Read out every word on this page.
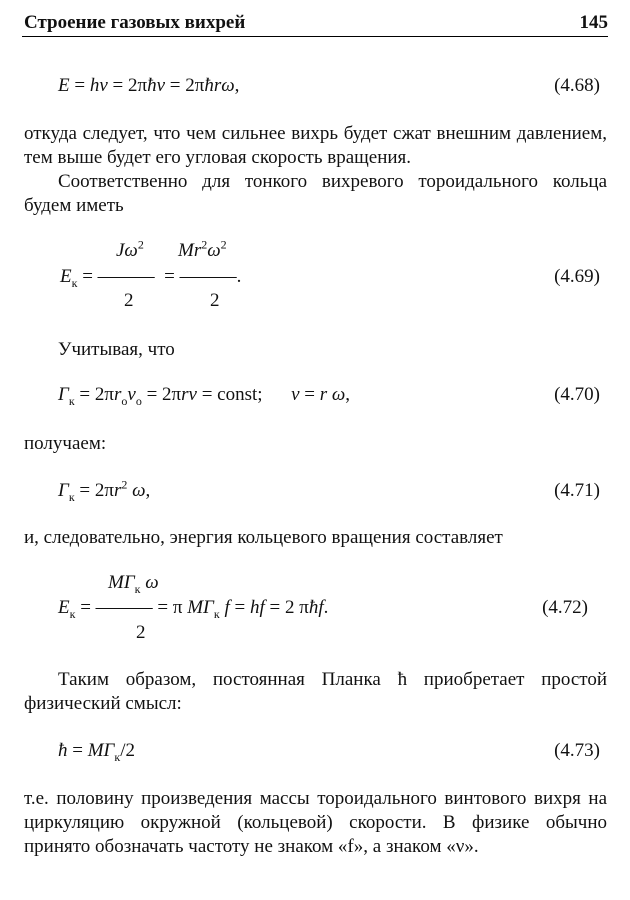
Строение газовых вихрей	145
E = hv = 2πħv = 2πħrω,	(4.68)
откуда следует, что чем сильнее вихрь будет сжат внешним давлением, тем выше будет его угловая скорость вращения.
Соответственно для тонкого вихревого тороидального кольца будем иметь
$J\omega^2$ $Mr^2\omega^2$
$E_к$ = ———  = ———.
2	2
(4.69)
Учитывая, что
$Г_к = 2\pi r_оv_о = 2\pi rv$ = const;      v = r ω,	(4.70)
получаем:
$Г_к = 2\pi r^2$ ω,	(4.71)
и, следовательно, энергия кольцевого вращения составляет
$MГ_к$ ω
$E_к$ = ——— = π $MГ_к$ f = hf = 2 πħf.
2
(4.72)
Таким образом, постоянная Планка ħ приобретает простой физический смысл:
ħ = $MГ_к/2$	(4.73)
т.е. половину произведения массы тороидального винтового вихря на циркуляцию окружной (кольцевой) скорости. В физике обычно принято обозначать частоту не знаком «f», а знаком «ν».
